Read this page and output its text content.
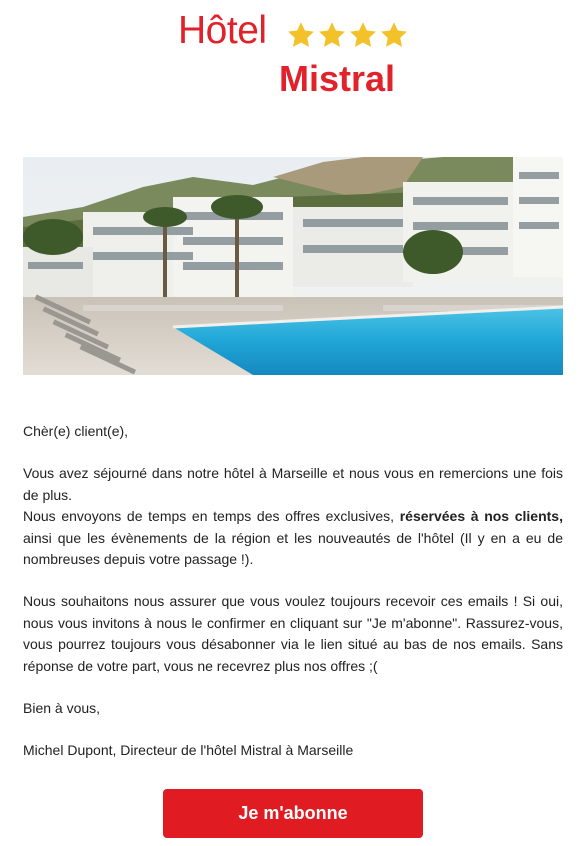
Hôtel
Mistral

Chèr(e) client(e),

Vous avez séjourné dans notre hôtel à Marseille et nous vous en remercions une fois de plus.

Nous envoyons de temps en temps des offres exclusives, réservées à nos clients, ainsi que les évènements de la région et les nouveautés de l'hôtel (Il y en a eu de nombreuses depuis votre passage !).

Nous souhaitons nous assurer que vous voulez toujours recevoir ces emails ! Si oui, nous vous invitons à nous le confirmer en cliquant sur "Je m'abonne". Rassurez-vous, vous pourrez toujours vous désabonner via le lien situé au bas de nos emails. Sans réponse de votre part, vous ne recevrez plus nos offres ;(

Bien à vous,

Michel Dupont, Directeur de l'hôtel Mistral à Marseille

Je m'abonne
